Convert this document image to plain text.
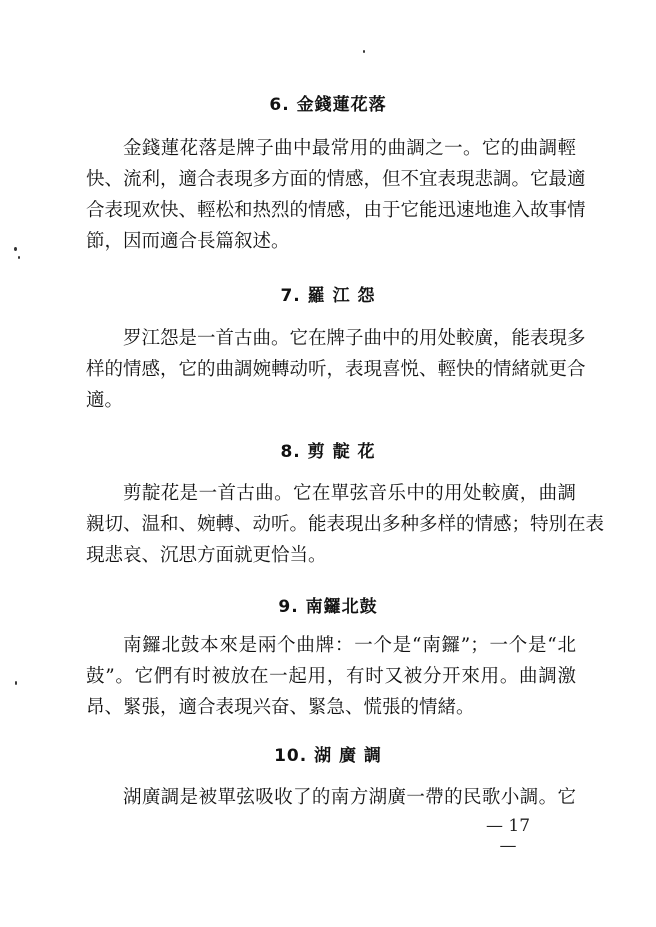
6. 金錢蓮花落
金錢蓮花落是牌子曲中最常用的曲調之一。它的曲調輕
快、流利，適合表現多方面的情感，但不宜表現悲調。它最適
合表现欢快、輕松和热烈的情感，由于它能迅速地進入故事情
節，因而適合長篇叙述。
7. 羅 江 怨
罗江怨是一首古曲。它在牌子曲中的用处較廣，能表現多
样的情感，它的曲調婉轉动听，表現喜悦、輕快的情緒就更合
適。
8. 剪 靛 花
剪靛花是一首古曲。它在單弦音乐中的用处較廣，曲調
親切、温和、婉轉、动听。能表現出多种多样的情感；特別在表
現悲哀、沉思方面就更恰当。
9. 南鑼北鼓
南鑼北鼓本來是兩个曲牌：一个是“南鑼”；一个是“北
鼓”。它們有时被放在一起用，有时又被分开來用。曲調激
昂、緊張，適合表現兴奋、緊急、慌張的情緒。
10. 湖 廣 調
湖廣調是被單弦吸收了的南方湖廣一帶的民歌小調。它
— 17 —
